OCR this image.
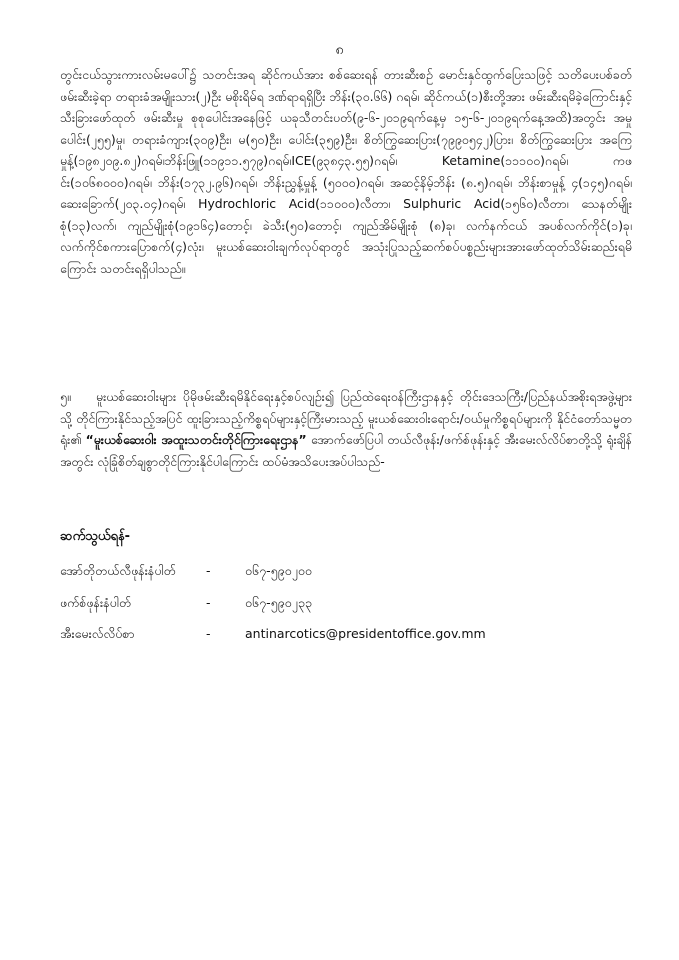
၈
တွင်းငယ်သွားကားလမ်းမပေါ်၌ သတင်းအရ ဆိုင်ကယ်အား စစ်ဆေးရန် တားဆီးစဉ် မောင်းနှင်ထွက်ပြေးသဖြင့် သတိပေးပစ်ခတ်ဖမ်းဆီးခဲ့ရာ တရားခံအမျိုးသား(၂)ဦး မစိုးရိမ်ရ ဒဏ်ရာရရှိပြီး ဘိန်း(၃၀.၆၆) ဂရမ်၊ ဆိုင်ကယ်(၁)စီးတို့အား ဖမ်းဆီးရမိခဲ့ကြောင်းနှင့် သီးခြားဖော်ထုတ် ဖမ်းဆီးမှု စုစုပေါင်းအနေဖြင့် ယခုသီတင်းပတ်(၉-၆-၂၀၁၉ရက်နေ့မှ ၁၅-၆-၂၀၁၉ရက်နေ့အထိ)အတွင်း အမှုပေါင်း(၂၅၅)မှု၊ တရားခံကျား(၃၀၉)ဦး၊ မ(၅၀)ဦး၊ ပေါင်း(၃၅၉)ဦး၊ စိတ်ကြွဆေးပြား(၇၉၉၀၅၄၂)ပြား၊ စိတ်ကြွဆေးပြား အကြေမှုန့်(၁၉၈၂၀၉.၈၂)ဂရမ်၊ဘိန်းဖြူ(၁၁၉၁၁.၅၇၉)ဂရမ်၊ICE(၉၃၈၄၃.၅၅)ဂရမ်၊ Ketamine(၁၁၁၀၀)ဂရမ်၊ ကဖင်း(၁၀၆၈၀၀၀)ဂရမ်၊ ဘိန်း(၁၇၃၂.၉၆)ဂရမ်၊ ဘိန်းညွှန့်မှုန့် (၅၀၀၀)ဂရမ်၊ အဆင့်နိမ့်ဘိန်း (၈.၅)ဂရမ်၊ ဘိန်းစာမှုန့် ၄(၁၄၅)ဂရမ်၊ ဆေးခြောက်(၂၀၃.၀၄)ဂရမ်၊ Hydrochloric Acid(၁၁၀၀၀)လီတာ၊ Sulphuric Acid(၁၅၆၀)လီတာ၊ သေနတ်မျိုးစုံ(၁၃)လက်၊ ကျည်မျိုးစုံ(၁၉၁၆၄)တောင့်၊ ခဲသီး(၅၀)တောင့်၊ ကျည်အိမ်မျိုးစုံ (၈)ခု၊ လက်နက်ငယ် အပစ်လက်ကိုင်(၁)ခု၊ လက်ကိုင်စကားပြောစက်(၄)လုံး၊ မူးယစ်ဆေးဝါးချက်လုပ်ရာတွင် အသုံးပြုသည့်ဆက်စပ်ပစ္စည်းများအားဖော်ထုတ်သိမ်းဆည်းရမိကြောင်း သတင်းရရှိပါသည်။
၅။ မူးယစ်ဆေးဝါးများ ပိုမိုဖမ်းဆီးရမိနိုင်ရေးနှင့်စပ်လျဉ်း၍ ပြည်ထဲရေးဝန်ကြီးဌာနနှင့် တိုင်းဒေသကြီး/ပြည်နယ်အစိုးရအဖွဲ့များသို့ တိုင်ကြားနိုင်သည့်အပြင် ထူးခြားသည့်ကိစ္စရပ်များနှင့်ကြီးမားသည့် မူးယစ်ဆေးဝါးရောင်း/ဝယ်မှုကိစ္စရပ်များကို နိုင်ငံတော်သမ္မတရုံး၏ “မူးယစ်ဆေးဝါး အထူးသတင်းတိုင်ကြားရေးဌာန” အောက်ဖော်ပြပါ တယ်လီဖုန်း/ဖက်စ်ဖုန်းနှင့် အီးမေးလ်လိပ်စာတို့သို့ ရုံးချိန်အတွင်း လုံခြုံစိတ်ချစွာတိုင်ကြားနိုင်ပါကြောင်း ထပ်မံအသိပေးအပ်ပါသည်-
ဆက်သွယ်ရန်-
အော်တိုတယ်လီဖုန်းနံပါတ် -	၀၆၇-၅၉၀၂၀၀
ဖက်စ်ဖုန်းနံပါတ်	-	၀၆၇-၅၉၀၂၃၃
အီးမေးလ်လိပ်စာ	-	antinarcotics@presidentoffice.gov.mm
